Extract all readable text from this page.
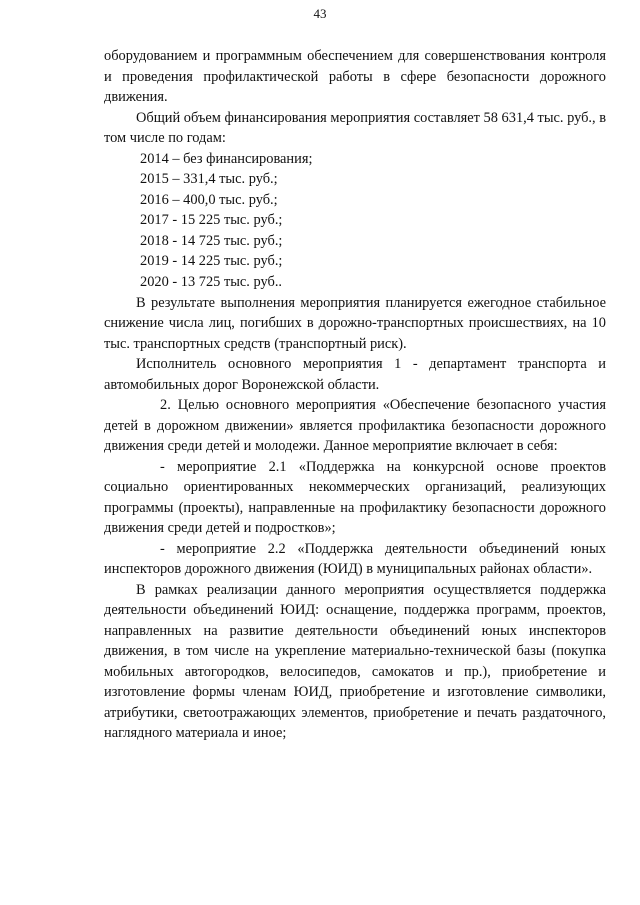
43

оборудованием и программным обеспечением для совершенствования контроля и проведения профилактической работы в сфере безопасности дорожного движения.

Общий объем финансирования мероприятия составляет 58 631,4 тыс. руб., в том числе по годам:

2014 – без финансирования;
2015 – 331,4 тыс. руб.;
2016 – 400,0 тыс. руб.;
2017 - 15 225 тыс. руб.;
2018 - 14 725 тыс. руб.;
2019 - 14 225 тыс. руб.;
2020 - 13 725 тыс. руб..

В результате выполнения мероприятия планируется ежегодное стабильное снижение числа лиц, погибших в дорожно-транспортных происшествиях, на 10 тыс. транспортных средств (транспортный риск).

Исполнитель основного мероприятия 1 - департамент транспорта и автомобильных дорог Воронежской области.

2. Целью основного мероприятия «Обеспечение безопасного участия детей в дорожном движении» является профилактика безопасности дорожного движения среди детей и молодежи. Данное мероприятие включает в себя:

- мероприятие 2.1 «Поддержка на конкурсной основе проектов социально ориентированных некоммерческих организаций, реализующих программы (проекты), направленные на профилактику безопасности дорожного движения среди детей и подростков»;

- мероприятие 2.2 «Поддержка деятельности объединений юных инспекторов дорожного движения (ЮИД) в муниципальных районах области».

В рамках реализации данного мероприятия осуществляется поддержка деятельности объединений ЮИД: оснащение, поддержка программ, проектов, направленных на развитие деятельности объединений юных инспекторов движения, в том числе на укрепление материально-технической базы (покупка мобильных автогородков, велосипедов, самокатов и пр.), приобретение и изготовление формы членам ЮИД, приобретение и изготовление символики, атрибутики, светоотражающих элементов, приобретение и печать раздаточного, наглядного материала и иное;
